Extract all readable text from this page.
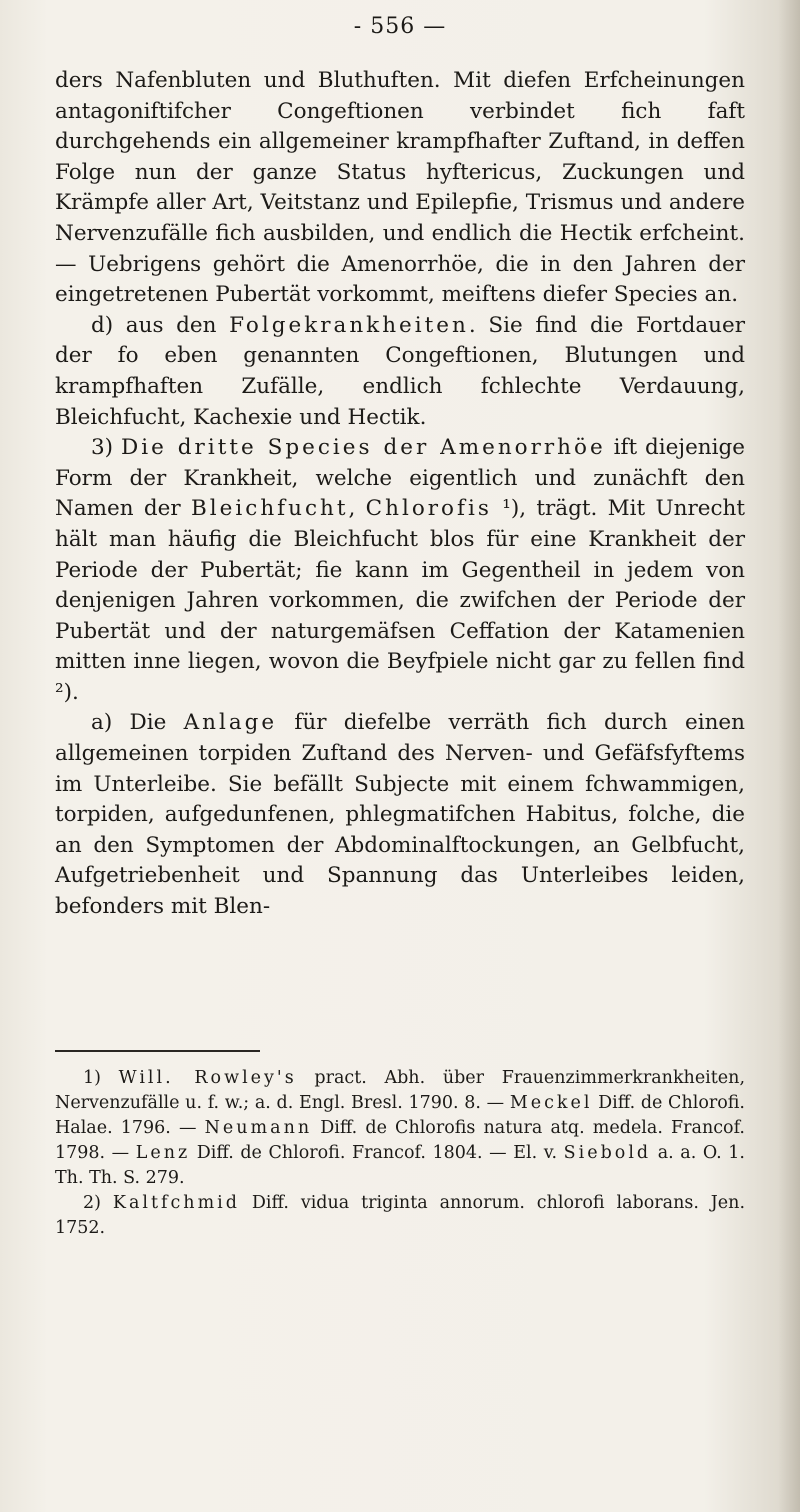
- 556 —

ders Nafenbluten und Bluthuften. Mit diefen Erfcheinungen antagoniftifcher Congeftionen verbindet fich faft durchgehends ein allgemeiner krampfhafter Zuftand, in deffen Folge nun der ganze Status hyftericus, Zuckungen und Krämpfe aller Art, Veitstanz und Epilepfie, Trismus und andere Nervenzufälle fich ausbilden, und endlich die Hectik erfcheint. — Uebrigens gehört die Amenorrhöe, die in den Jahren der eingetretenen Pubertät vorkommt, meiftens diefer Species an.

d) aus den Folgekrankheiten. Sie find die Fortdauer der fo eben genannten Congeftionen, Blutungen und krampfhaften Zufälle, endlich fchlechte Verdauung, Bleichfucht, Kachexie und Hectik.

3) Die dritte Species der Amenorrhöe ift diejenige Form der Krankheit, welche eigentlich und zunächft den Namen der Bleichfucht, Chlorofis ¹), trägt. Mit Unrecht hält man häufig die Bleichfucht blos für eine Krankheit der Periode der Pubertät; fie kann im Gegentheil in jedem von denjenigen Jahren vorkommen, die zwifchen der Periode der Pubertät und der naturgemäfsen Ceffation der Katamenien mitten inne liegen, wovon die Beyfpiele nicht gar zu fellen find ²).

a) Die Anlage für diefelbe verräth fich durch einen allgemeinen torpiden Zuftand des Nerven- und Gefäfsfyftems im Unterleibe. Sie befällt Subjecte mit einem fchwammigen, torpiden, aufgedunfenen, phlegmatifchen Habitus, folche, die an den Symptomen der Abdominalftockungen, an Gelbfucht, Aufgetriebenheit und Spannung das Unterleibes leiden, befonders mit Blen-

1) Will. Rowley's pract. Abh. über Frauenzimmerkrankheiten, Nervenzufälle u. f. w.; a. d. Engl. Bresl. 1790. 8. — Meckel Diff. de Chlorofi. Halae. 1796. — Neumann Diff. de Chlorofis natura atq. medela. Francof. 1798. — Lenz Diff. de Chlorofi. Francof. 1804. — El. v. Siebold a. a. O. 1. Th. Th. S. 279.

2) Kaltfchmid Diff. vidua triginta annorum. chlorofi laborans. Jen. 1752.
